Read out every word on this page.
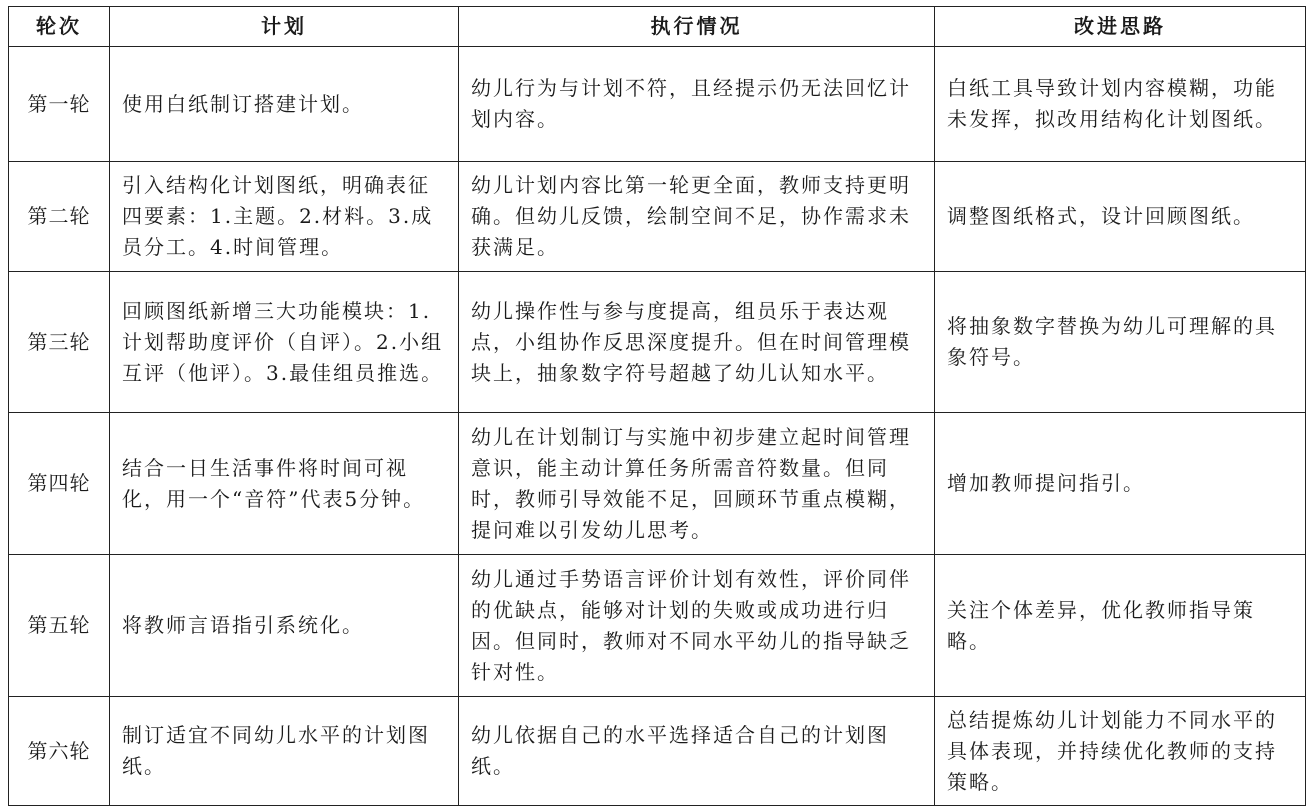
轮次	计划	执行情况	改进思路
第一轮	使用白纸制订搭建计划。	幼儿行为与计划不符，且经提示仍无法回忆计划内容。	白纸工具导致计划内容模糊，功能未发挥，拟改用结构化计划图纸。
第二轮	引入结构化计划图纸，明确表征四要素：1.主题。2.材料。3.成员分工。4.时间管理。	幼儿计划内容比第一轮更全面，教师支持更明确。但幼儿反馈，绘制空间不足，协作需求未获满足。	调整图纸格式，设计回顾图纸。
第三轮	回顾图纸新增三大功能模块：1.计划帮助度评价（自评）。2.小组互评（他评）。3.最佳组员推选。	幼儿操作性与参与度提高，组员乐于表达观点，小组协作反思深度提升。但在时间管理模块上，抽象数字符号超越了幼儿认知水平。	将抽象数字替换为幼儿可理解的具象符号。
第四轮	结合一日生活事件将时间可视化，用一个“音符”代表5分钟。	幼儿在计划制订与实施中初步建立起时间管理意识，能主动计算任务所需音符数量。但同时，教师引导效能不足，回顾环节重点模糊，提问难以引发幼儿思考。	增加教师提问指引。
第五轮	将教师言语指引系统化。	幼儿通过手势语言评价计划有效性，评价同伴的优缺点，能够对计划的失败或成功进行归因。但同时，教师对不同水平幼儿的指导缺乏针对性。	关注个体差异，优化教师指导策略。
第六轮	制订适宜不同幼儿水平的计划图纸。	幼儿依据自己的水平选择适合自己的计划图纸。	总结提炼幼儿计划能力不同水平的具体表现，并持续优化教师的支持策略。
